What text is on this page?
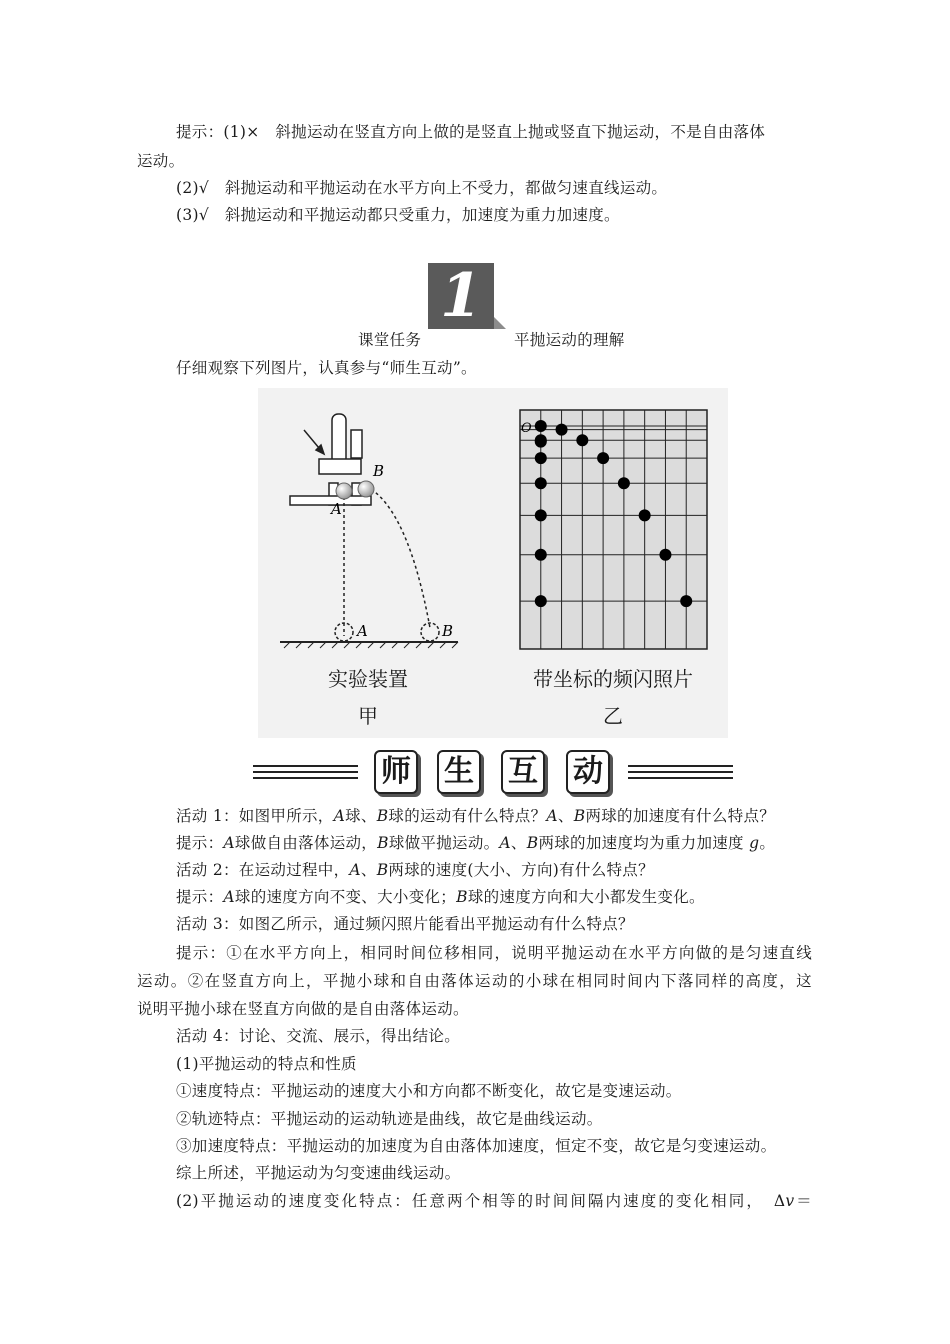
提示：(1)×　斜抛运动在竖直方向上做的是竖直上抛或竖直下抛运动，不是自由落体
运动。
(2)√　斜抛运动和平抛运动在水平方向上不受力，都做匀速直线运动。
(3)√　斜抛运动和平抛运动都只受重力，加速度为重力加速度。
1
课堂任务	平抛运动的理解
仔细观察下列图片，认真参与“师生互动”。
A
B
A	B
O
实验装置
甲
带坐标的频闪照片
乙
师 生 互 动
活动 1：如图甲所示，A球、B球的运动有什么特点？A、B两球的加速度有什么特点？
提示：A球做自由落体运动，B球做平抛运动。A、B两球的加速度均为重力加速度 g。
活动 2：在运动过程中，A、B两球的速度(大小、方向)有什么特点？
提示：A球的速度方向不变、大小变化；B球的速度方向和大小都发生变化。
活动 3：如图乙所示，通过频闪照片能看出平抛运动有什么特点？
提示：①在水平方向上，相同时间位移相同，说明平抛运动在水平方向做的是匀速直线
运动。②在竖直方向上，平抛小球和自由落体运动的小球在相同时间内下落同样的高度，这
说明平抛小球在竖直方向做的是自由落体运动。
活动 4：讨论、交流、展示，得出结论。
(1)平抛运动的特点和性质
①速度特点：平抛运动的速度大小和方向都不断变化，故它是变速运动。
②轨迹特点：平抛运动的运动轨迹是曲线，故它是曲线运动。
③加速度特点：平抛运动的加速度为自由落体加速度，恒定不变，故它是匀变速运动。
综上所述，平抛运动为匀变速曲线运动。
(2)平抛运动的速度变化特点：任意两个相等的时间间隔内速度的变化相同，　Δv＝
